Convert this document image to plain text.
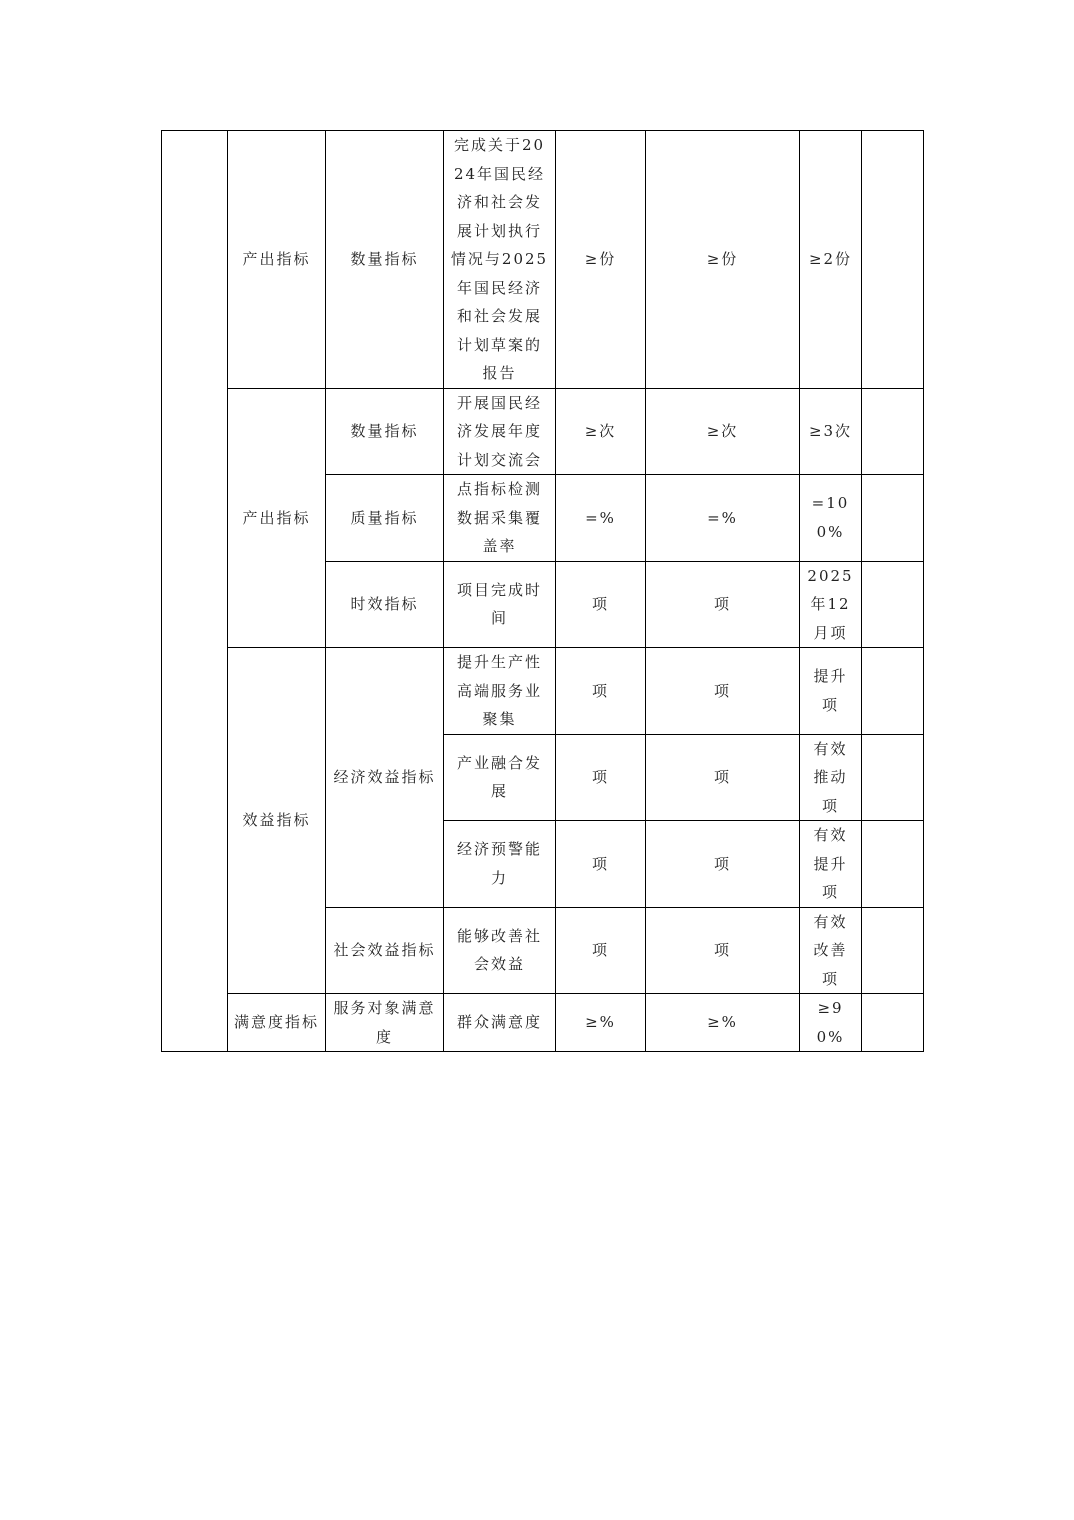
	产出指标	数量指标	完成关于2024年国民经济和社会发展计划执行情况与2025年国民经济和社会发展计划草案的报告	≥份	≥份	≥2份	
	产出指标	数量指标	开展国民经济发展年度计划交流会	≥次	≥次	≥3次	
		质量指标	点指标检测数据采集覆盖率	=%	=%	=100%	
		时效指标	项目完成时间	项	项	2025年12月项	
	效益指标	经济效益指标	提升生产性高端服务业聚集	项	项	提升项	
			产业融合发展	项	项	有效推动项	
			经济预警能力	项	项	有效提升项	
		社会效益指标	能够改善社会效益	项	项	有效改善项	
	满意度指标	服务对象满意度	群众满意度	≥%	≥%	≥90%	
